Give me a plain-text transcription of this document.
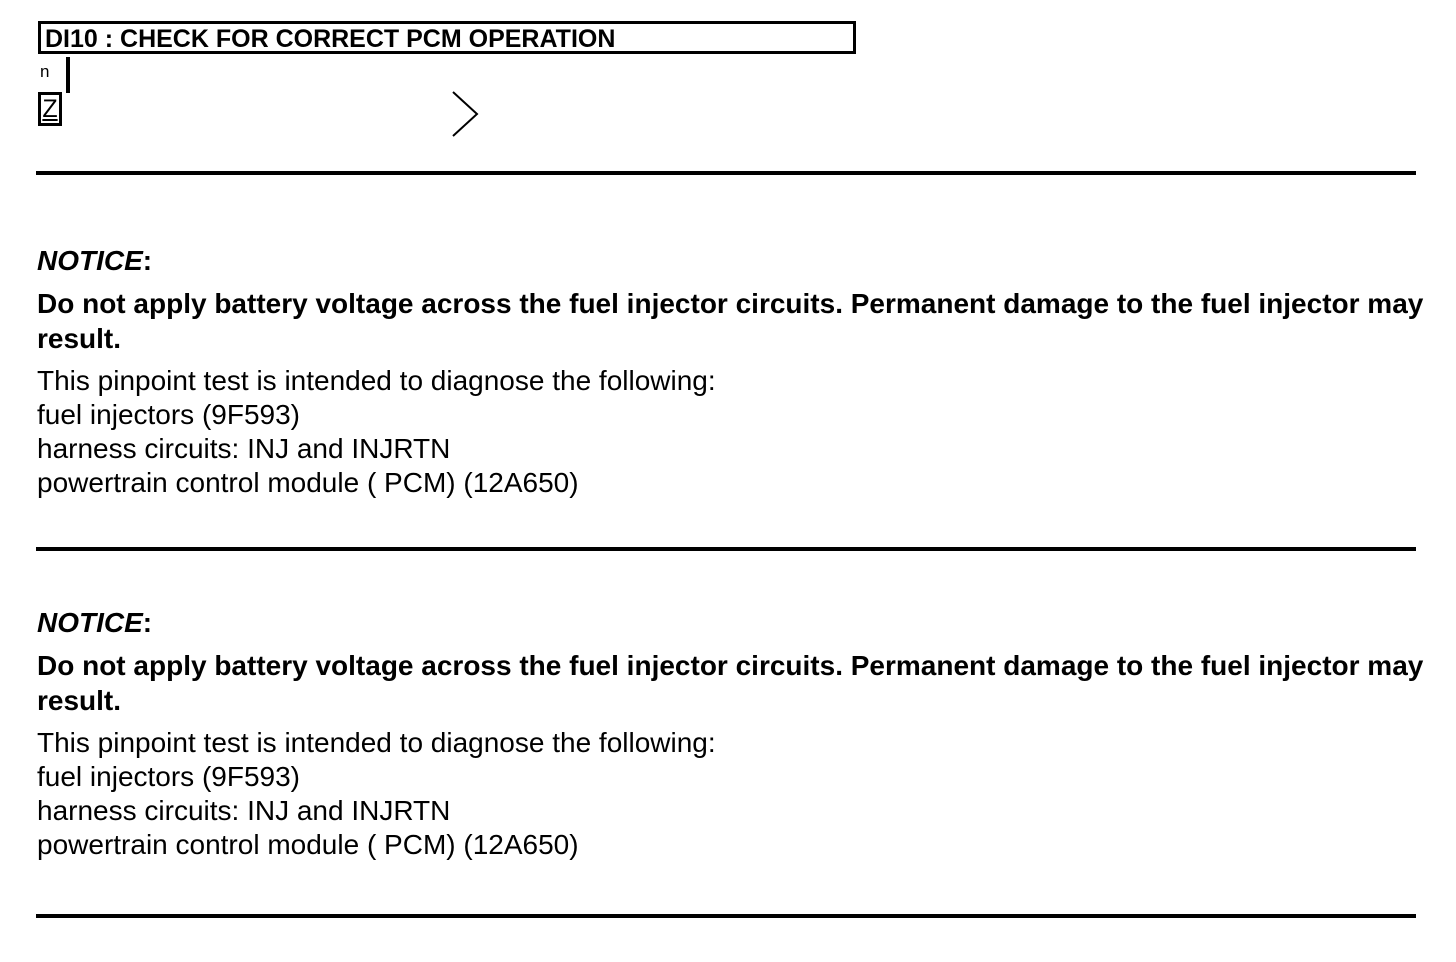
DI10 : CHECK FOR CORRECT PCM OPERATION
n
Z
NOTICE:
Do not apply battery voltage across the fuel injector circuits. Permanent damage to the fuel injector may result.
This pinpoint test is intended to diagnose the following:
fuel injectors (9F593)
harness circuits: INJ and INJRTN
powertrain control module ( PCM) (12A650)
NOTICE:
Do not apply battery voltage across the fuel injector circuits. Permanent damage to the fuel injector may result.
This pinpoint test is intended to diagnose the following:
fuel injectors (9F593)
harness circuits: INJ and INJRTN
powertrain control module ( PCM) (12A650)
